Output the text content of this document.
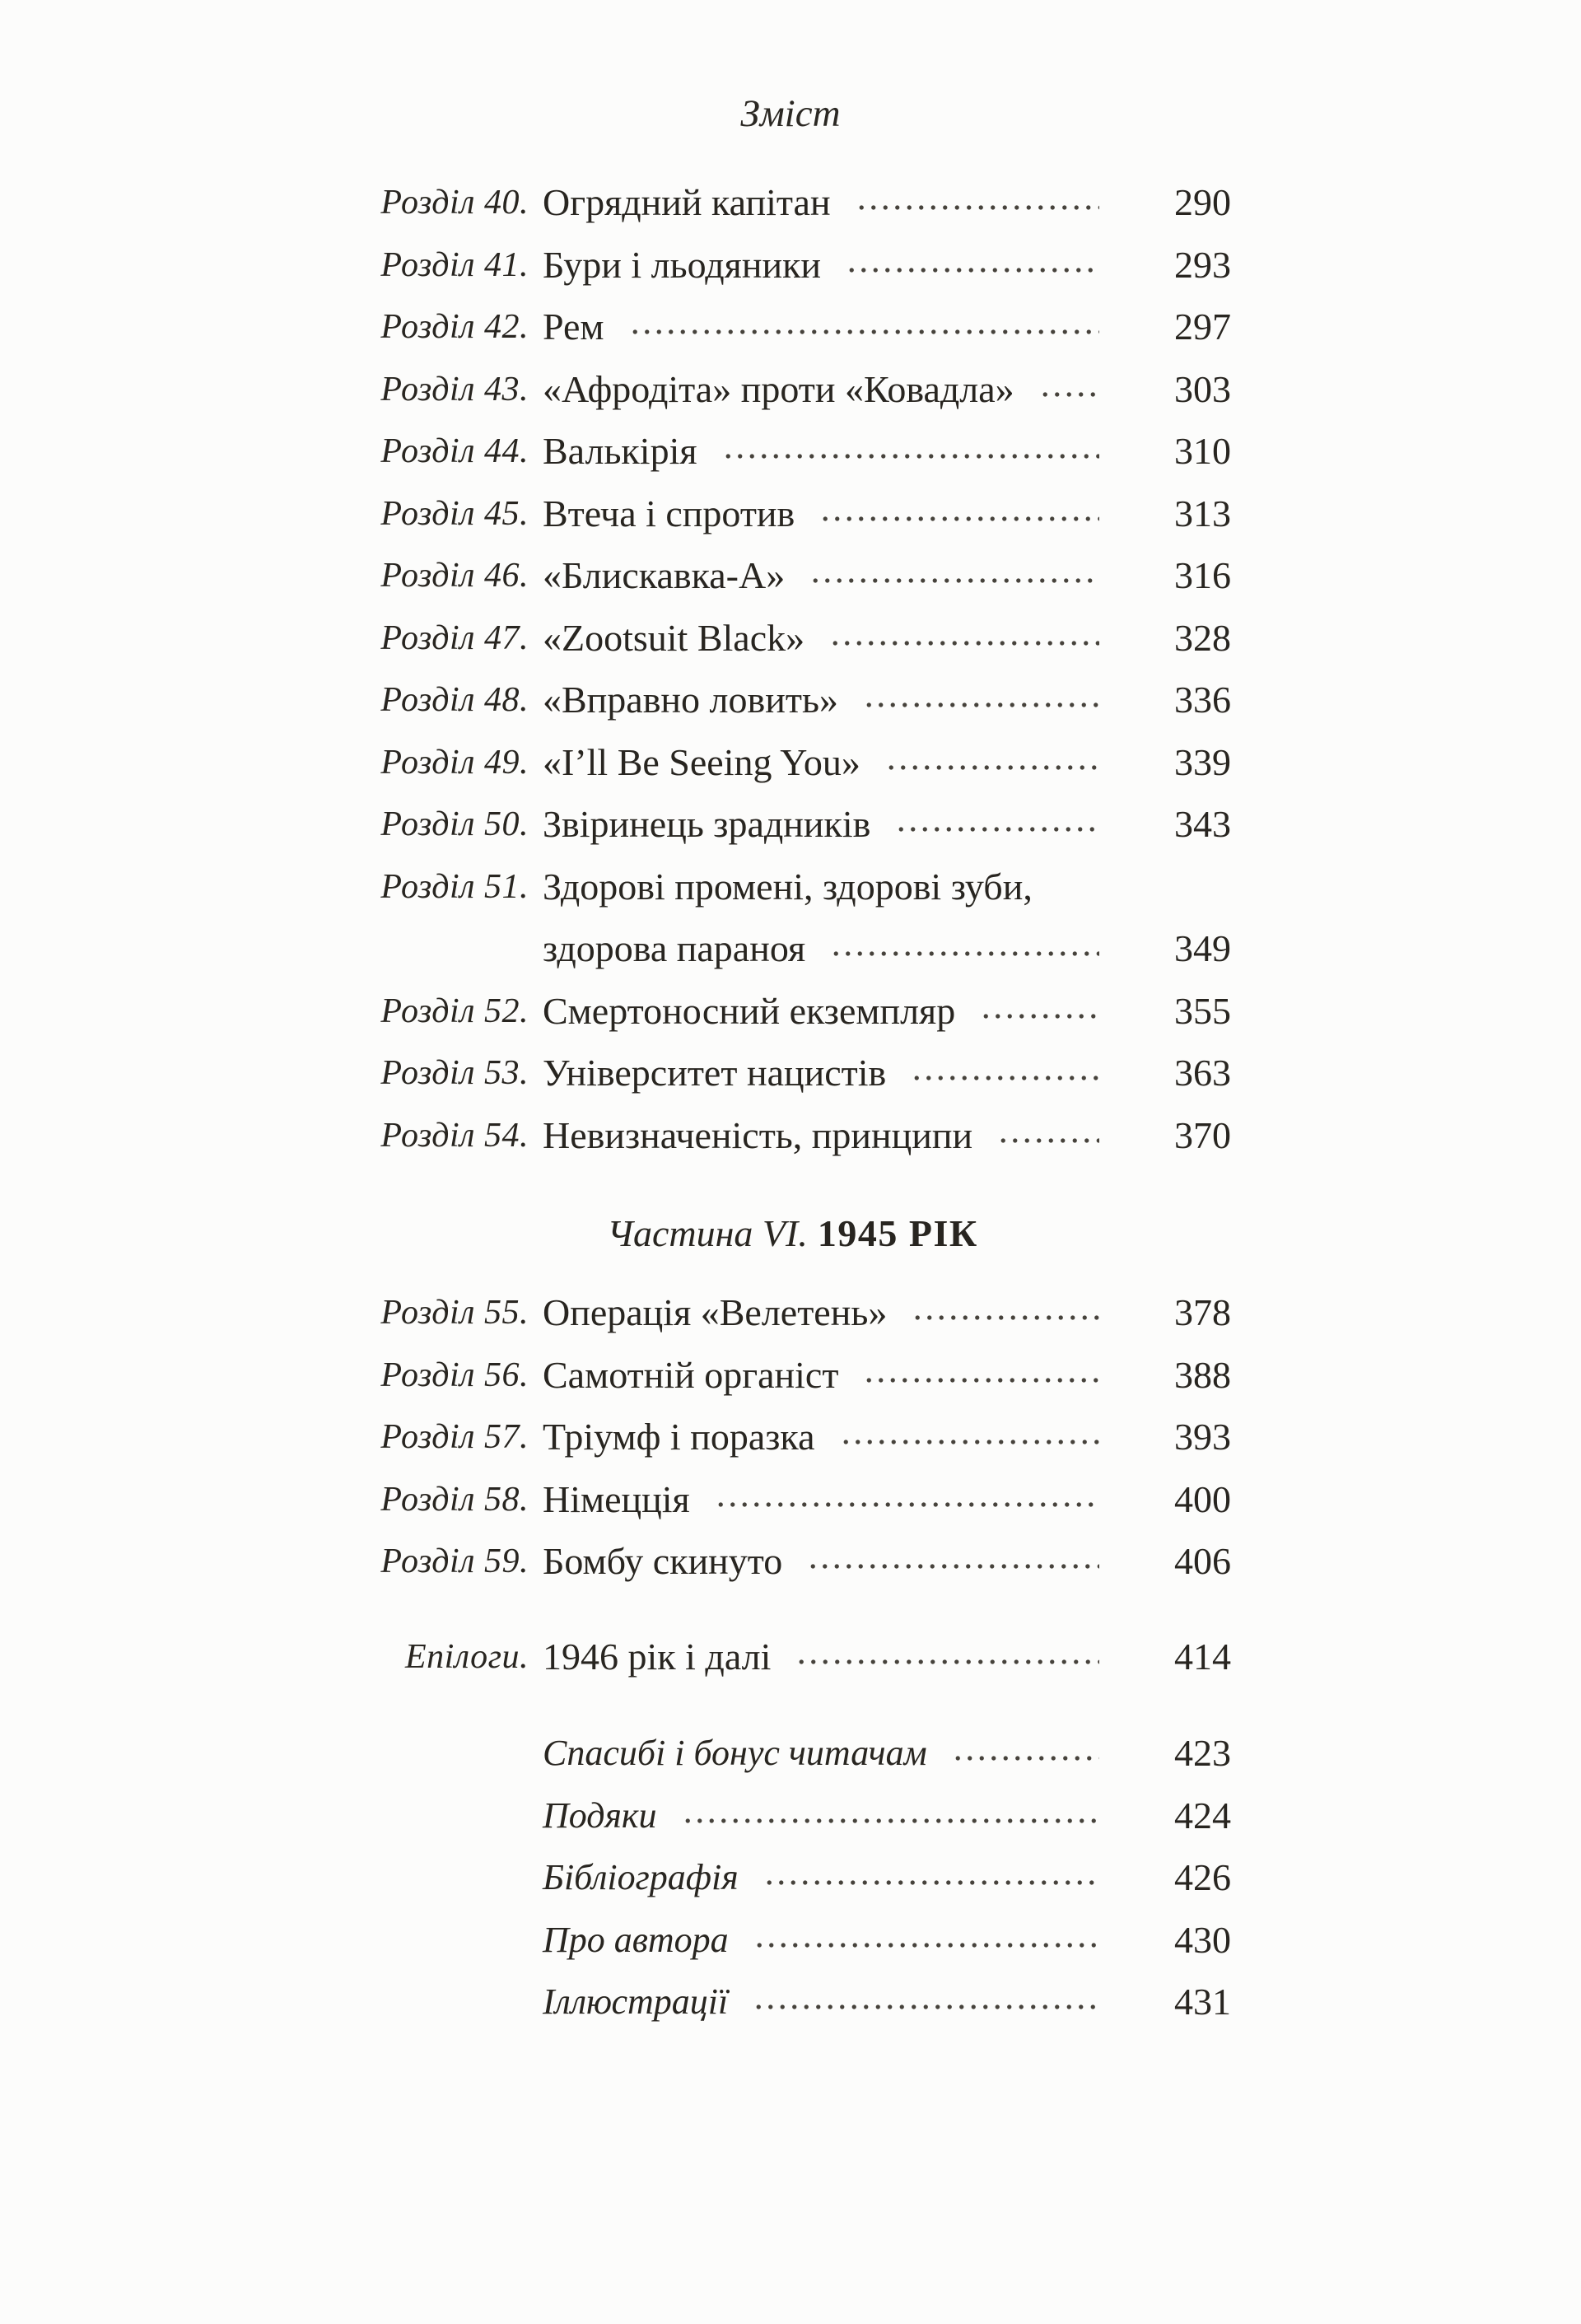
Зміст
Розділ 40. Огрядний капітан	290
Розділ 41. Бури і льодяники	293
Розділ 42. Рем	297
Розділ 43. «Афродіта» проти «Ковадла»	303
Розділ 44. Валькірія	310
Розділ 45. Втеча і спротив	313
Розділ 46. «Блискавка-А»	316
Розділ 47. «Zootsuit Black»	328
Розділ 48. «Вправно ловить»	336
Розділ 49. «I’ll Be Seeing You»	339
Розділ 50. Звіринець зрадників	343
Розділ 51. Здорові промені, здорові зуби,
здорова параноя	349
Розділ 52. Смертоносний екземпляр	355
Розділ 53. Університет нацистів	363
Розділ 54. Невизначеність, принципи	370
Частина VI. 1945 РІК
Розділ 55. Операція «Велетень»	378
Розділ 56. Самотній органіст	388
Розділ 57. Тріумф і поразка	393
Розділ 58. Німецція	400
Розділ 59. Бомбу скинуто	406
Епілоги. 1946 рік і далі	414
Спасибі і бонус читачам	423
Подяки	424
Бібліографія	426
Про автора	430
Іллюстрації	431
